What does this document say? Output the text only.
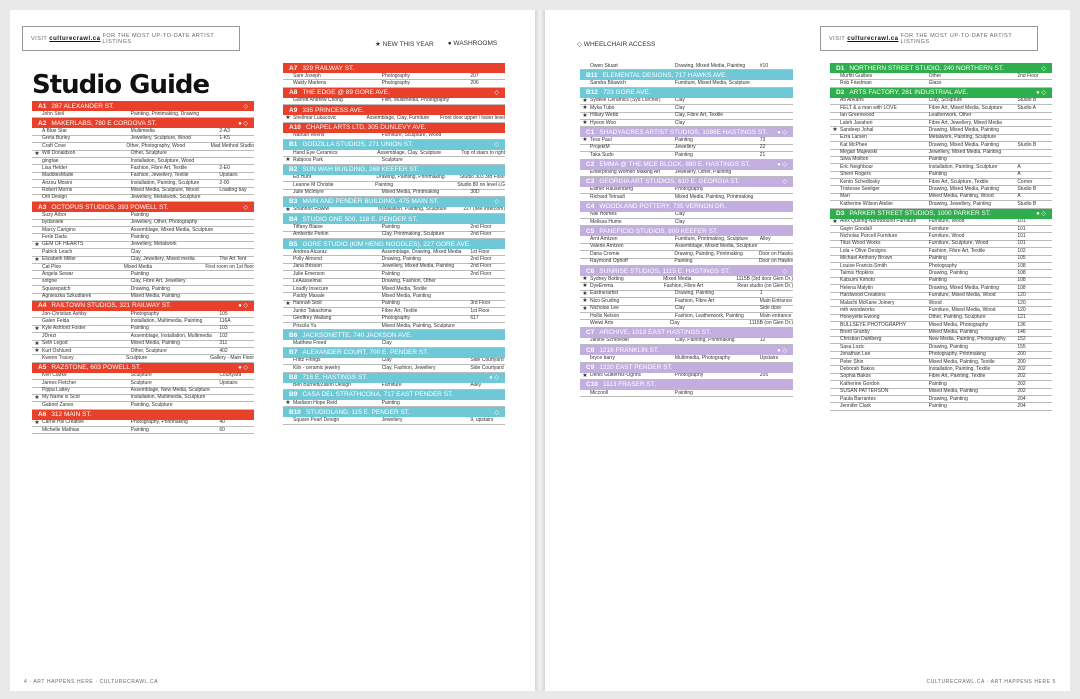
VISIT
culturecrawl.ca
FOR THE MOST UP-TO-DATE ARTIST LISTINGS	★ NEW THIS YEAR ● WASHROOMS
Studio Guide
A1 287 ALEXANDER ST.	◇
John Steil	Painting, Printmaking, Drawing
A2 MAKERLABS, 780 E CORDOVA ST.	● ◇
A Blue Star	Multimedia	2-A3
Greta Burley	Jewellery, Sculpture, Wood	1-K5
Craft Cove	Other, Photography, Wood	Mad Method Studio
★ Will Donaldson	Other, Sculpture
gingtae	Installation, Sculpture, Wood
Lisa Helder	Fashion, Fibre Art, Textile	2-E0
MaddiesMade	Fashion, Jewellery, Textile	Upstairs
Anzou Mosini	Installation, Painting, Sculpture	2-00
Robert Morris	Mixed Media, Sculpture, Wood	Loading bay
Orit Design	Jewellery, Metalwork, Sculpture
A3 OCTOPUS STUDIOS, 393 POWELL ST.	◇
Suzy Arbor	Painting
bydaniele	Jewellery, Other, Photography
Marcy Carigino	Assemblage, Mixed Media, Sculpture
Ferle Dada	Painting
★ GEM OF HEARTS	Jewellery, Metalwork
Patrick Leach	Clay
★ Elizabeth Miller	Clay, Jewellery, Mixed media	The Art Tent
Cat Ploo	Mixed Media	First room on 1st floor
Angela Sewar	Painting
sotgne	Clay, Fibre Art, Jewellery
Squarepatch	Drawing, Painting
Agnieszka Szkudlarek	Mixed Media, Painting
A4 RAILTOWN STUDIOS, 321 RAILWAY ST.	● ◇
Jon-Christian Ashby	Photography	105
Galen Felda	Installation, Multimedia, Painting	116A
★ Kyle Ashford Foster	Painting	103
JDrezi	Assemblage, Installation, Multimedia	102
★ Seth Legod	Mixed Media, Painting	311
★ Kurt Oshlund	Other, Sculpture	402
Kwenn Tracey	Sculpture	Gallery - Main Floor
A5 RAZSTONE, 603 POWELL ST.	● ◇
Ken Clarke	Sculpture	Courtyard
James Fletcher	Sculpture	Upstairs
Pippa Lattey	Assemblage, New Media, Sculpture
★ My Name is Scot	Installation, Multimedia, Sculpture
Gabriel Zanes	Painting, Sculpture
A6 312 MAIN ST.
★ Carrie Hill Creative	Photography, Printmaking	40
Michelle Mathias	Painting	60
A7 329 RAILWAY ST.
Sam Joseph	Photography	207
Waldy Martens	Photography	206
A8 THE EDGE @ 89 GORE AVE.	◇
Garrett Andrew Chong	Film, Multimedia, Photography
A9 335 PRINCESS AVE.
★ Shellmar Lukacovic	Assemblage, Clay, Furniture	Front door upper / lower level
A10 CHAPEL ARTS LTD, 305 DUNLEVY AVE.
Nathan Wiens	Furniture, Sculpture, Wood
B1 GODZILLA STUDIOS, 271 UNION ST.	◇
Hand Eye Ceramics	Assemblage, Clay, Sculpture	Top of stairs to right
★ Rabjoos Park	Sculpture
B2 SUN WAH BUILDING, 268 KEEFER ST.
Ed Hunt	Drawing, Painting, Printmaking	Studio 303 3rd Floor
Leanne M Christie	Painting	Studio 80 on level LG
Julie McIntyre	Mixed Media, Printmaking	30D
B3 MAIN AND PENDER BUILDING, 475 MAIN ST.	◇
★ Shannon Rowlw	Installation, Painting, Sculpture	227 (see intercom)
B4 STUDIO ONE 500, 118 E. PENDER ST.
Tiffany Blaise	Painting	2nd Floor
Ambertie Perkin	Clay, Printmaking, Sculpture	2nd Floor
B5 GORE STUDIO (KIM HENG NOODLES), 227 GORE AVE.
Andrea Alcaraz	Assemblage, Drawing, Mixed Media	1st Floor
Polly Almond	Drawing, Painting	2nd Floor
Jana Brisson	Jewellery, Mixed Media, Painting	2nd Floor
Julie Emerson	Painting	2nd Floor
LeAasselmal	Drawing, Fashion, Other
Loudly Insecure	Mixed Media, Textile
Paddy Masale	Mixed Media, Painting
★ Hannah Stoll	Painting	3rd Floor
Junko Takashima	Fibre Art, Textile	1st Floor
Geoffrey Wallang	Photography	617
Priscila Yu	Mixed Media, Painting, Sculpture
B6 JACKSONETTE, 740 JACKSON AVE.
Matthew Freed	Clay
B7 ALEXANDER COURT, 700 E. PENDER ST.
Frittz Firings	Clay	Side Courtyard
Kiln - ceramic jewelry	Clay, Fashion, Jewellery	Side Courtyard
B8 716 E. HASTINGS ST.	● ◇
Ben Burnett/Zillion Design	Furniture	Alley
B9 CASA DEL STRATHCONA, 717 EAST PENDER ST.
★ Madison Hope Reid	Painting
B10 STUDIOLAND, 115 E. PENDER ST.	◇
Square Pearl Design	Jewellery	9, upstairs
4 · ART HAPPENS HERE · CULTURECRAWL.CA
◇ WHEELCHAIR ACCESS
VISIT
culturecrawl.ca
FOR THE MOST UP-TO-DATE ARTIST LISTINGS
Owen Stuart	Drawing, Mixed Media, Painting	#10
B11 ELEMENTAL DESIGNS, 717 HAWKS AVE.
Sandra Bilawich	Furniture, Mixed Media, Sculpture
B12 723 GORE AVE.
★ Sydelle Ceramics (Syd Lorcher)	Clay
★ Myka Tubo	Clay
★ Hillary Webb	Clay, Fibre Art, Textile
★ Hyeon Woo	Clay
C1 SHADYACRES ARTIST STUDIOS, 1086E HASTINGS ST. ● ◇
★ Tess Paul	Painting	73
ProjektM	Jewellery	22
Taka Sudo	Painting	21
C2 EMMA @ THE MCE BLOCK, 880 E. HASTINGS ST.	● ◇
Enterprising Women Making Art	Jewellery, Other, Painting
C3 GEORGIA ART STUDIOS, 610 E. GEORGIA ST.	◇
Esther Rausenberg	Photography
Richard Tetrault	Mixed Media, Painting, Printmaking
C4 WOODLAND POTTERY, 735 VERNON DR.
Niki Holmes	Clay
Melissa Hume	Clay
C5 PANEFICIO STUDIOS, 800 KEEFER ST.
Arnt Arntzen	Furniture, Printmaking, Sculpture	Alley
Valerie Arntzen	Assemblage, Mixed Media, Sculpture
Dana Cromie	Drawing, Painting, Printmaking	Door on Hawks
Raymond Ophoff	Painting	Door on Hawks
C6 SUNRISE STUDIOS, 1115 E. HASTINGS ST.	◇
★ Sydney Botting	Mixed Media	1115B (3rd door Glen Dr.)
★ DyeEmma	Fashion, Fibre Art	Rear studio (on Glen Dr.)
★ Eastnerartist	Drawing, Painting	1
★ Nico Gruding	Fashion, Fibre Art	Main Entrance
★ Nicholas Lee	Clay	Side door
Hollis Nelson	Fashion, Leatherwork, Painting	Main entrance
Weiwi Arts	Clay	1115B (on Glen Dr.)
C7 ARCHIVE, 1013 EAST HASTINGS ST.
Janine Schroeder	Clay, Painting, Printmaking	12
C8 1216 FRANKLIN ST.	● ◇
bryce barry	Multimedia, Photography	Upstairs
C9 1220 EAST PENDER ST.
★ Denis Gutierrez-Ogrinc	Photography	205
C10 1113 FRASER ST.
Miccooll	Painting
D1 NORTHERN STREET STUDIO, 240 NORTHERN ST.	◇
Murfitt Guilbes	Other	2nd Floor
Rob Friedman	Glass
D2 ARTS FACTORY, 281 INDUSTRIAL AVE.	● ◇
Ati Ahkami	Clay, Sculpture	Studio B
FELT & a man with LOVE	Fibre Art, Mixed Media, Sculpture	Studio A
Ian Greenwood	Leatherwork, Other
Laleh Javaheri	Fibre Art, Jewellery, Mixed Media
★ Sandeep Johal	Drawing, Mixed Media, Painting
Ezra Larsen	Metalwork, Painting, Sculpture
Kat McPhee	Drawing, Mixed Media, Painting	Studio B
Megan Majewski	Jewellery, Mixed Media, Painting
Silva Moilton	Painting
Eric Neighbour	Installation, Painting, Sculpture	A
Sherri Rogers	Painting	A
Kento Schedlosky	Fibre Art, Sculpture, Textile	Corner
Tristesse Seeliger	Drawing, Mixed Media, Painting	Studio B
Mari	Mixed Media, Painting, Wood	A
Katherine Wilson Atelier	Drawing, Jewellery, Painting	Studio B
D3 PARKER STREET STUDIOS, 1000 PARKER ST.	● ◇
★ Alex Quiring-Northbound Furniture	Furniture, Wood	101
Gayin Goodall	Furniture	101
Nicholas Purcell Furniture	Furniture, Wood	101
Titus Wood Works	Furniture, Sculpture, Wood	101
Lola + Olive Designs	Fashion, Fibre Art, Textile	102
Michael Anthony Brown	Painting	105
Louise Francis-Smith	Photography	108
Taimis Hopkins	Drawing, Painting	108
Katsumi Kimoto	Painting	108
Helena Malytin	Drawing, Mixed Media, Painting	108
Hardwood Creations	Furniture, Mixed Media, Wood	120
Malachi McKane Joinery	Wood	120
mth woodworks	Furniture, Mixed Media, Wood	120
Honeyette Ewong	Other, Painting, Sculpture	121
BULLSEYE PHOTOGRAPHY	Mixed Media, Photography	136
Brent Granby	Mixed Media, Painting	146
Christian Dahlberg	New Media, Painting, Photography	152
Sasa Lozic	Drawing, Painting	155
Jonathan Lee	Photography, Printmaking	200
Peter Shin	Mixed Media, Painting, Textile	200
Deborah Bakos	Installation, Painting, Textile	202
Sophia Bakos	Fibre Art, Painting, Textile	202
Katherine Gordon	Painting	202
SUSAN PATTERSON	Mixed Media, Painting	202
Paula Barrantes	Drawing, Painting	204
Jennifer Clark	Painting	204
CULTURECRAWL.CA · ART HAPPENS HERE 5
